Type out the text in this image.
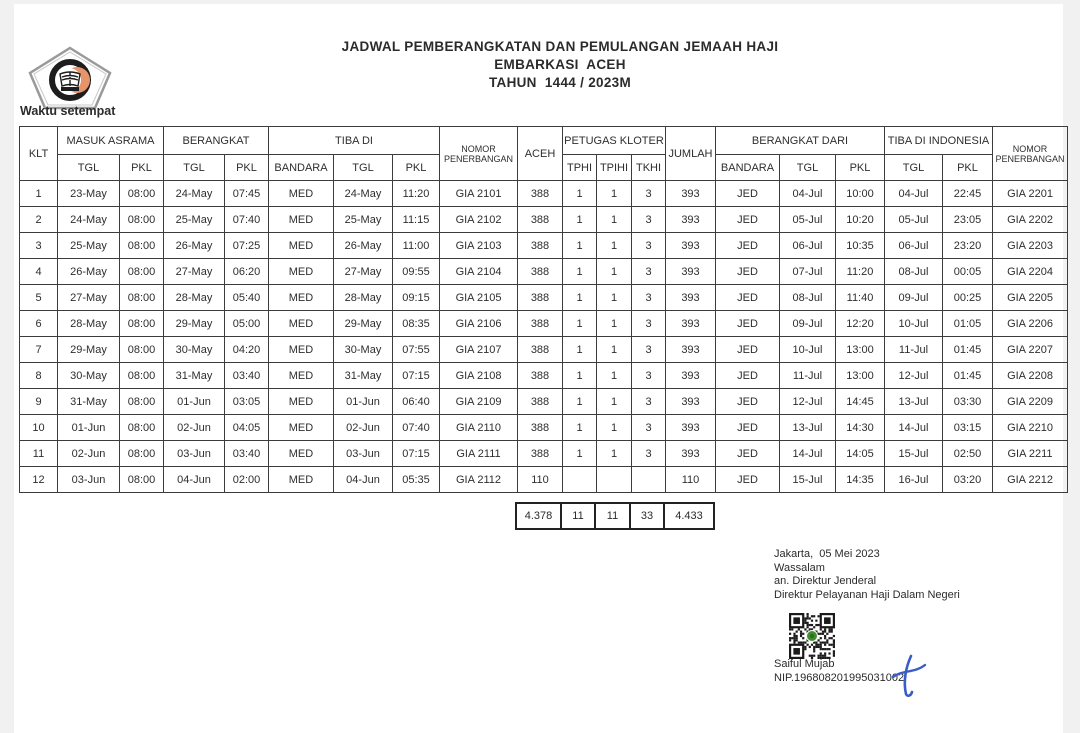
JADWAL PEMBERANGKATAN DAN PEMULANGAN JEMAAH HAJI
EMBARKASI  ACEH
TAHUN  1444 / 2023M
Waktu setempat
KLT	MASUK ASRAMA		BERANGKAT		TIBA DI			NOMOR PENERBANGAN	ACEH	PETUGAS KLOTER			JUMLAH	BERANGKAT DARI			TIBA DI INDONESIA		NOMOR PENERBANGAN
	TGL	PKL	TGL	PKL	BANDARA	TGL	PKL			TPHI	TPIHI	TKHI		BANDARA	TGL	PKL	TGL	PKL	
1	23-May	08:00	24-May	07:45	MED	24-May	11:20	GIA 2101	388	1	1	3	393	JED	04-Jul	10:00	04-Jul	22:45	GIA 2201
2	24-May	08:00	25-May	07:40	MED	25-May	11:15	GIA 2102	388	1	1	3	393	JED	05-Jul	10:20	05-Jul	23:05	GIA 2202
3	25-May	08:00	26-May	07:25	MED	26-May	11:00	GIA 2103	388	1	1	3	393	JED	06-Jul	10:35	06-Jul	23:20	GIA 2203
4	26-May	08:00	27-May	06:20	MED	27-May	09:55	GIA 2104	388	1	1	3	393	JED	07-Jul	11:20	08-Jul	00:05	GIA 2204
5	27-May	08:00	28-May	05:40	MED	28-May	09:15	GIA 2105	388	1	1	3	393	JED	08-Jul	11:40	09-Jul	00:25	GIA 2205
6	28-May	08:00	29-May	05:00	MED	29-May	08:35	GIA 2106	388	1	1	3	393	JED	09-Jul	12:20	10-Jul	01:05	GIA 2206
7	29-May	08:00	30-May	04:20	MED	30-May	07:55	GIA 2107	388	1	1	3	393	JED	10-Jul	13:00	11-Jul	01:45	GIA 2207
8	30-May	08:00	31-May	03:40	MED	31-May	07:15	GIA 2108	388	1	1	3	393	JED	11-Jul	13:00	12-Jul	01:45	GIA 2208
9	31-May	08:00	01-Jun	03:05	MED	01-Jun	06:40	GIA 2109	388	1	1	3	393	JED	12-Jul	14:45	13-Jul	03:30	GIA 2209
10	01-Jun	08:00	02-Jun	04:05	MED	02-Jun	07:40	GIA 2110	388	1	1	3	393	JED	13-Jul	14:30	14-Jul	03:15	GIA 2210
11	02-Jun	08:00	03-Jun	03:40	MED	03-Jun	07:15	GIA 2111	388	1	1	3	393	JED	14-Jul	14:05	15-Jul	02:50	GIA 2211
12	03-Jun	08:00	04-Jun	02:00	MED	04-Jun	05:35	GIA 2112	110				110	JED	15-Jul	14:35	16-Jul	03:20	GIA 2212
4.378	11	11	33	4.433
Jakarta,  05 Mei 2023
Wassalam
an. Direktur Jenderal
Direktur Pelayanan Haji Dalam Negeri
Saiful Mujab
NIP.196808201995031002
